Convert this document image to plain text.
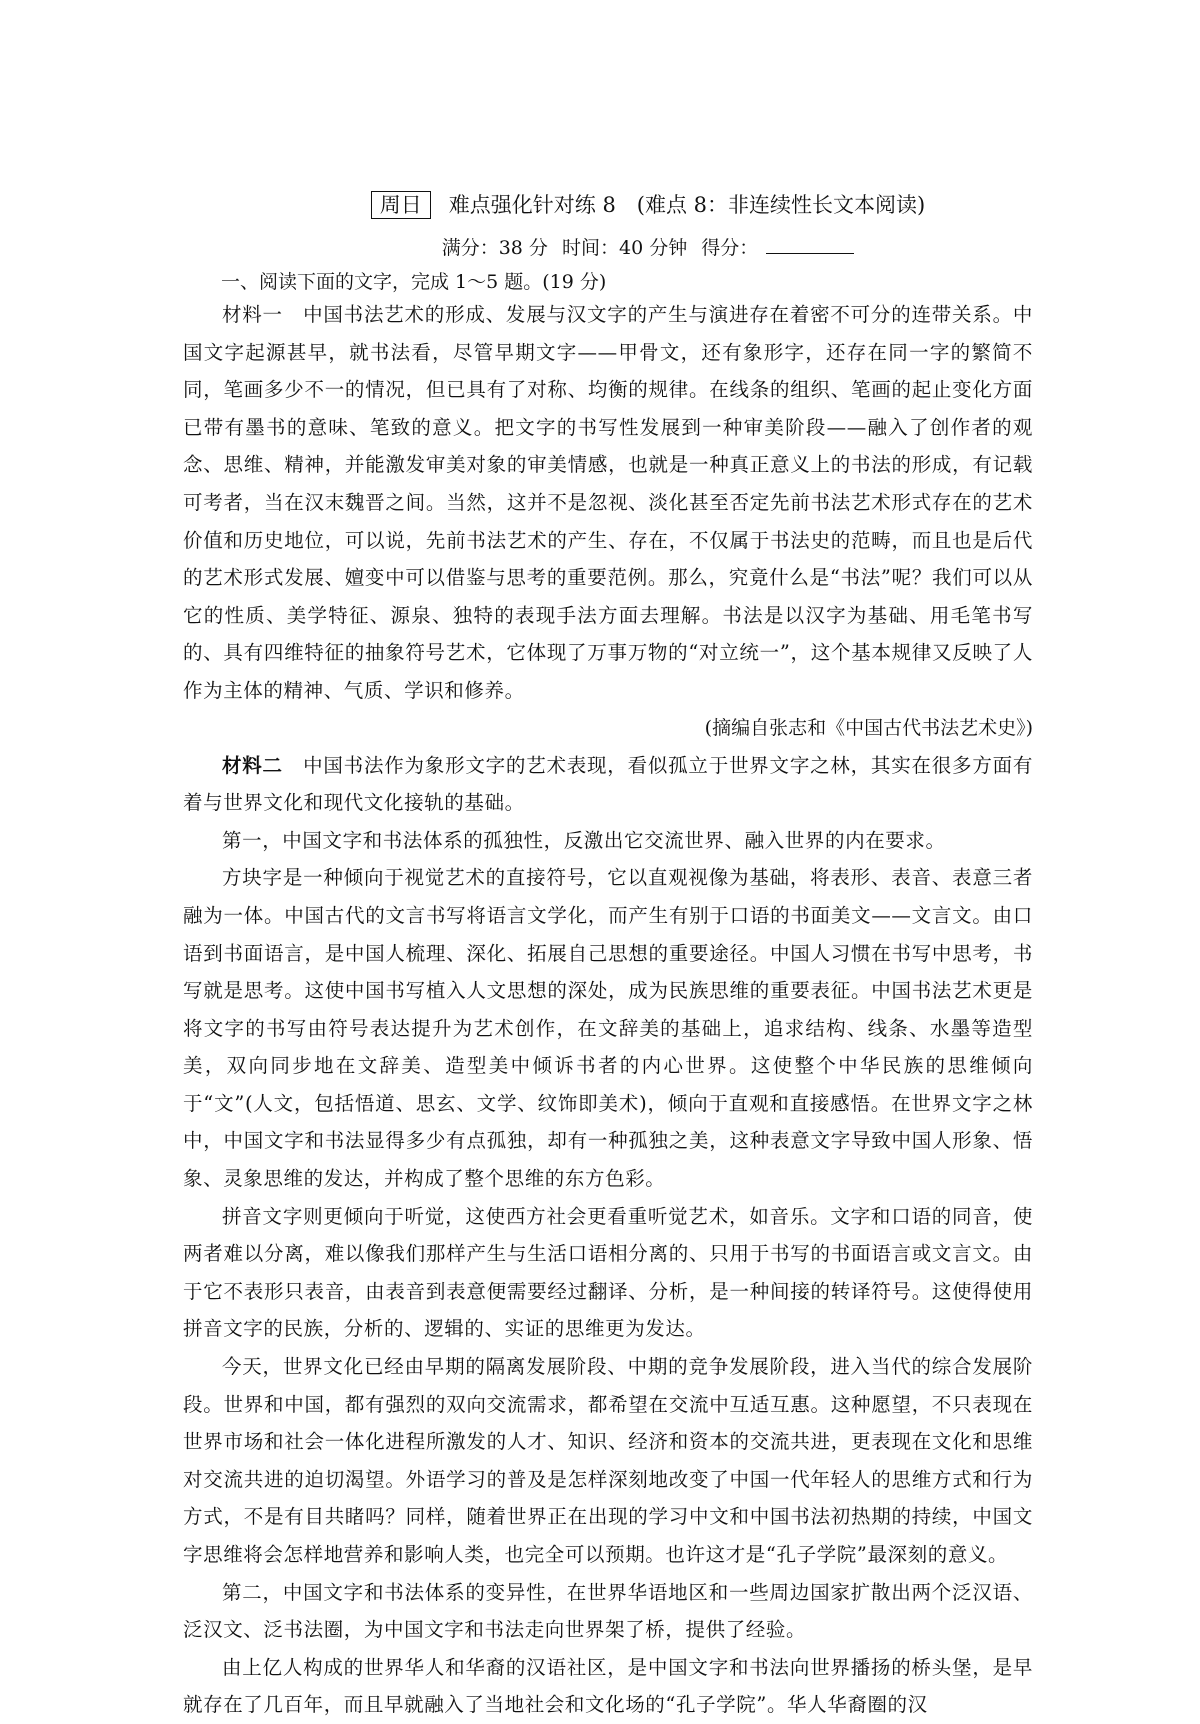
周日 难点强化针对练 8　(难点 8：非连续性长文本阅读)
满分：38 分 时间：40 分钟 得分：
一、阅读下面的文字，完成 1～5 题。(19 分)

材料一　中国书法艺术的形成、发展与汉文字的产生与演进存在着密不可分的连带关系。中国文字起源甚早，就书法看，尽管早期文字——甲骨文，还有象形字，还存在同一字的繁简不同，笔画多少不一的情况，但已具有了对称、均衡的规律。在线条的组织、笔画的起止变化方面已带有墨书的意味、笔致的意义。把文字的书写性发展到一种审美阶段——融入了创作者的观念、思维、精神，并能激发审美对象的审美情感，也就是一种真正意义上的书法的形成，有记载可考者，当在汉末魏晋之间。当然，这并不是忽视、淡化甚至否定先前书法艺术形式存在的艺术价值和历史地位，可以说，先前书法艺术的产生、存在，不仅属于书法史的范畴，而且也是后代的艺术形式发展、嬗变中可以借鉴与思考的重要范例。那么，究竟什么是“书法”呢？我们可以从它的性质、美学特征、源泉、独特的表现手法方面去理解。书法是以汉字为基础、用毛笔书写的、具有四维特征的抽象符号艺术，它体现了万事万物的“对立统一”，这个基本规律又反映了人作为主体的精神、气质、学识和修养。

(摘编自张志和《中国古代书法艺术史》)

材料二　中国书法作为象形文字的艺术表现，看似孤立于世界文字之林，其实在很多方面有着与世界文化和现代文化接轨的基础。

第一，中国文字和书法体系的孤独性，反激出它交流世界、融入世界的内在要求。

方块字是一种倾向于视觉艺术的直接符号，它以直观视像为基础，将表形、表音、表意三者融为一体。中国古代的文言书写将语言文学化，而产生有别于口语的书面美文——文言文。由口语到书面语言，是中国人梳理、深化、拓展自己思想的重要途径。中国人习惯在书写中思考，书写就是思考。这使中国书写植入人文思想的深处，成为民族思维的重要表征。中国书法艺术更是将文字的书写由符号表达提升为艺术创作，在文辞美的基础上，追求结构、线条、水墨等造型美，双向同步地在文辞美、造型美中倾诉书者的内心世界。这使整个中华民族的思维倾向于“文”(人文，包括悟道、思玄、文学、纹饰即美术)，倾向于直观和直接感悟。在世界文字之林中，中国文字和书法显得多少有点孤独，却有一种孤独之美，这种表意文字导致中国人形象、悟象、灵象思维的发达，并构成了整个思维的东方色彩。

拼音文字则更倾向于听觉，这使西方社会更看重听觉艺术，如音乐。文字和口语的同音，使两者难以分离，难以像我们那样产生与生活口语相分离的、只用于书写的书面语言或文言文。由于它不表形只表音，由表音到表意便需要经过翻译、分析，是一种间接的转译符号。这使得使用拼音文字的民族，分析的、逻辑的、实证的思维更为发达。

今天，世界文化已经由早期的隔离发展阶段、中期的竞争发展阶段，进入当代的综合发展阶段。世界和中国，都有强烈的双向交流需求，都希望在交流中互适互惠。这种愿望，不只表现在世界市场和社会一体化进程所激发的人才、知识、经济和资本的交流共进，更表现在文化和思维对交流共进的迫切渴望。外语学习的普及是怎样深刻地改变了中国一代年轻人的思维方式和行为方式，不是有目共睹吗？同样，随着世界正在出现的学习中文和中国书法初热期的持续，中国文字思维将会怎样地营养和影响人类，也完全可以预期。也许这才是“孔子学院”最深刻的意义。

第二，中国文字和书法体系的变异性，在世界华语地区和一些周边国家扩散出两个泛汉语、泛汉文、泛书法圈，为中国文字和书法走向世界架了桥，提供了经验。

由上亿人构成的世界华人和华裔的汉语社区，是中国文字和书法向世界播扬的桥头堡，是早就存在了几百年，而且早就融入了当地社会和文化场的“孔子学院”。华人华裔圈的汉
